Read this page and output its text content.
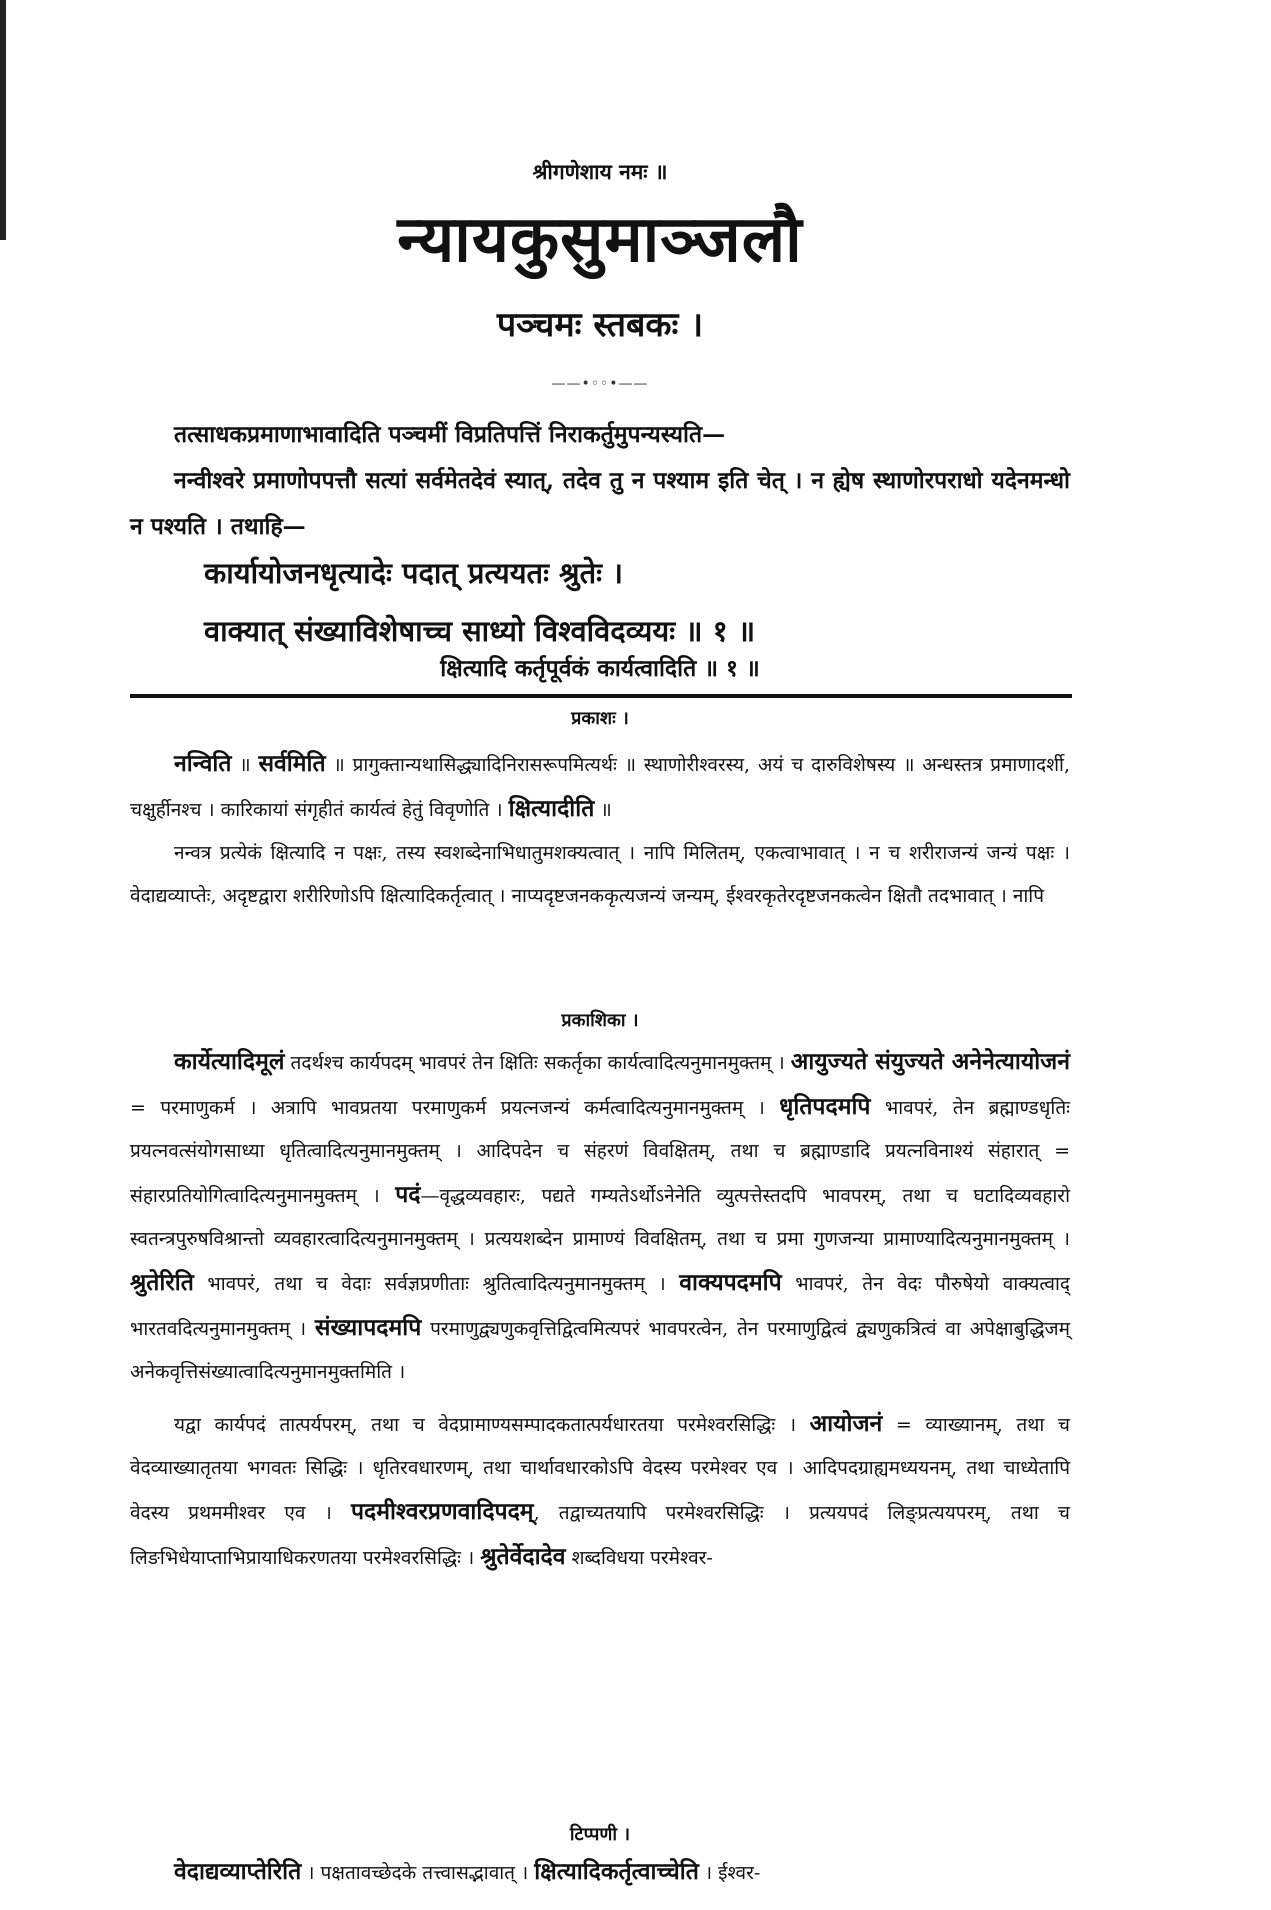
श्रीगणेशाय नमः ॥
न्यायकुसुमाञ्जलौ
पञ्चमः स्तबकः ।
——•◦◦•——

तत्साधकप्रमाणाभावादिति पञ्चमीं विप्रतिपत्तिं निराकर्तुमुपन्यस्यति—

नन्वीश्वरे प्रमाणोपपत्तौ सत्यां सर्वमेतदेवं स्यात्, तदेव तु न पश्याम इति चेत् । न ह्येष स्थाणोरपराधो यदेनमन्धो न पश्यति । तथाहि—

कार्यायोजनधृत्यादेः पदात् प्रत्ययतः श्रुतेः ।
वाक्यात् संख्याविशेषाच्च साध्यो विश्वविदव्ययः ॥ १ ॥
क्षित्यादि कर्तृपूर्वकं कार्यत्वादिति ॥ १ ॥
प्रकाशः ।

नन्विति ॥ सर्वमिति ॥ प्रागुक्तान्यथासिद्ध्यादिनिरासरूपमित्यर्थः ॥ स्थाणोरीश्वरस्य, अयं च दारुविशेषस्य ॥ अन्धस्तत्र प्रमाणादर्शी, चक्षुर्हीनश्च । कारिकायां संगृहीतं कार्यत्वं हेतुं विवृणोति । क्षित्यादीति ॥

नन्वत्र प्रत्येकं क्षित्यादि न पक्षः, तस्य स्वशब्देनाभिधातुमशक्यत्वात् । नापि मिलितम्, एकत्वाभावात् । न च शरीराजन्यं जन्यं पक्षः । वेदाद्यव्याप्तेः, अदृष्टद्वारा शरीरिणोऽपि क्षित्यादिकर्तृत्वात् । नाप्यदृष्टजनककृत्यजन्यं जन्यम्, ईश्वरकृतेरदृष्टजनकत्वेन क्षितौ तदभावात् । नापि

प्रकाशिका ।

कार्येत्यादिमूलं तदर्थश्च कार्यपदम् भावपरं तेन क्षितिः सकर्तृका कार्यत्वादित्यनुमानमुक्तम् । आयुज्यते संयुज्यते अनेनेत्यायोजनं = परमाणुकर्म । अत्रापि भावप्रतया परमाणुकर्म प्रयत्नजन्यं कर्मत्वादित्यनुमानमुक्तम् । धृतिपदमपि भावपरं, तेन ब्रह्माण्डधृतिः प्रयत्नवत्संयोगसाध्या धृतित्वादित्यनुमानमुक्तम् । आदिपदेन च संहरणं विवक्षितम्, तथा च ब्रह्माण्डादि प्रयत्नविनाश्यं संहारात् = संहारप्रतियोगित्वादित्यनुमानमुक्तम् । पदं—वृद्धव्यवहारः, पद्यते गम्यतेऽर्थोऽनेनेति व्युत्पत्तेस्तदपि भावपरम्, तथा च घटादिव्यवहारो स्वतन्त्रपुरुषविश्रान्तो व्यवहारत्वादित्यनुमानमुक्तम् । प्रत्ययशब्देन प्रामाण्यं विवक्षितम्, तथा च प्रमा गुणजन्या प्रामाण्यादित्यनुमानमुक्तम् । श्रुतेरिति भावपरं, तथा च वेदाः सर्वज्ञप्रणीताः श्रुतित्वादित्यनुमानमुक्तम् । वाक्यपदमपि भावपरं, तेन वेदः पौरुषेयो वाक्यत्वाद् भारतवदित्यनुमानमुक्तम् । संख्यापदमपि परमाणुद्व्यणुकवृत्तिद्वित्वमित्यपरं भावपरत्वेन, तेन परमाणुद्वित्वं द्व्यणुकत्रित्वं वा अपेक्षाबुद्धिजम् अनेकवृत्तिसंख्यात्वादित्यनुमानमुक्तमिति ।

यद्वा कार्यपदं तात्पर्यपरम्, तथा च वेदप्रामाण्यसम्पादकतात्पर्यधारतया परमेश्वरसिद्धिः । आयोजनं = व्याख्यानम्, तथा च वेदव्याख्यातृतया भगवतः सिद्धिः । धृतिरवधारणम्, तथा चार्थावधारकोऽपि वेदस्य परमेश्वर एव । आदिपदग्राह्यमध्ययनम्, तथा चाध्येतापि वेदस्य प्रथममीश्वर एव । पदमीश्वरप्रणवादिपदम्, तद्वाच्यतयापि परमेश्वरसिद्धिः । प्रत्ययपदं लिङ्प्रत्ययपरम्, तथा च लिङभिधेयाप्ताभिप्रायाधिकरणतया परमेश्वरसिद्धिः । श्रुतेर्वेदादेव शब्दविधया परमेश्वर-

टिप्पणी ।

वेदाद्यव्याप्तेरिति । पक्षतावच्छेदके तत्त्वासद्भावात् । क्षित्यादिकर्तृत्वाच्चेति । ईश्वर-
